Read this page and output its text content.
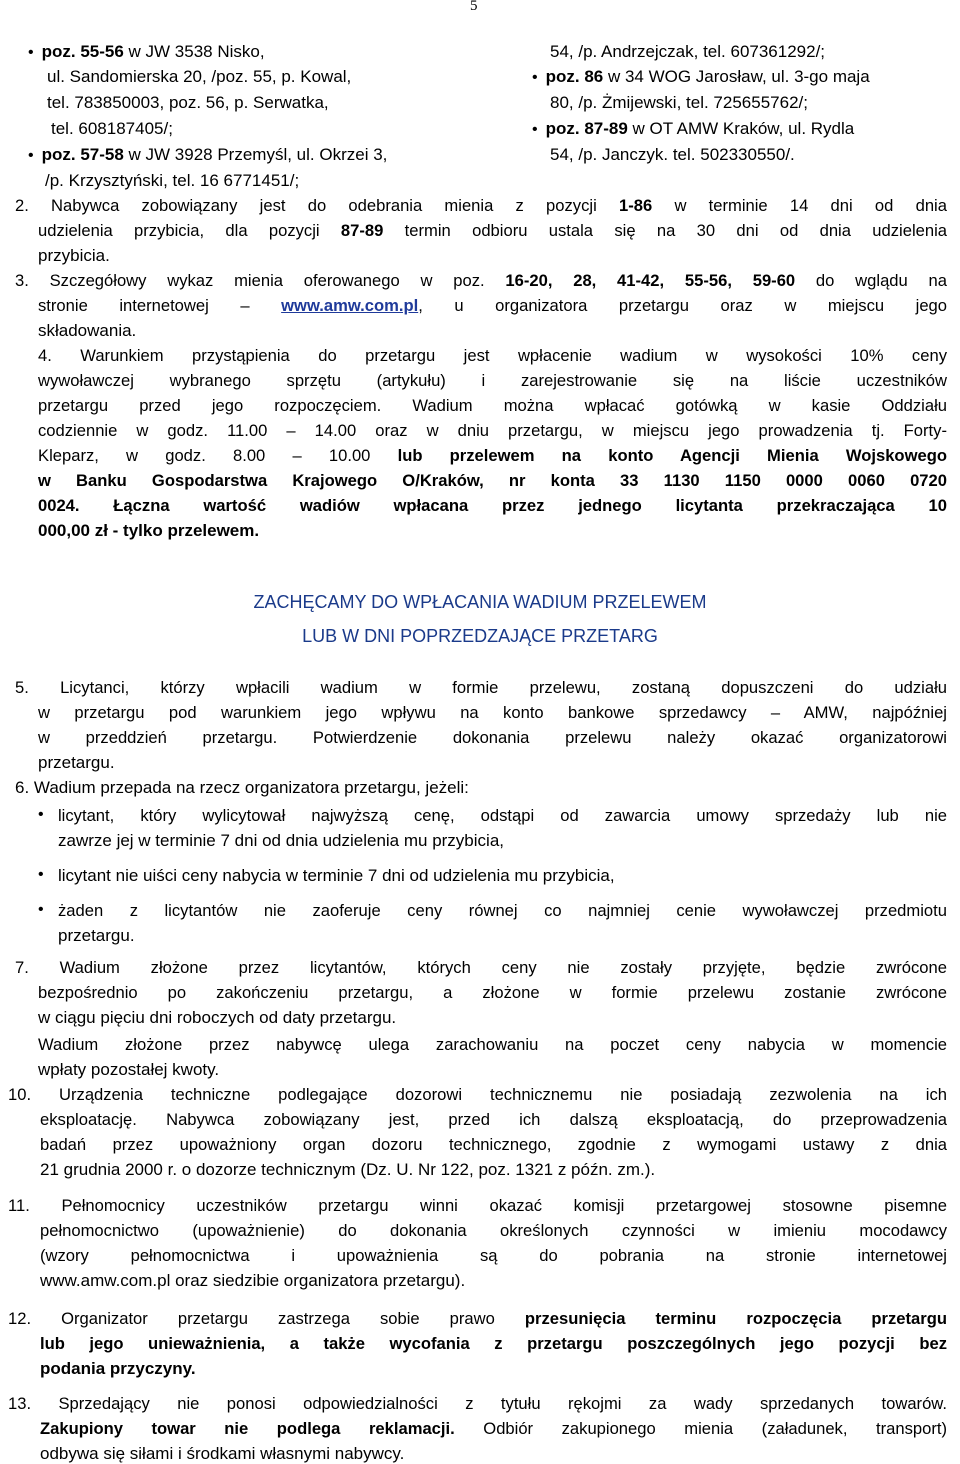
5
• poz. 55-56 w JW 3538 Nisko,
ul. Sandomierska 20, /poz. 55, p. Kowal,
tel. 783850003, poz. 56, p. Serwatka,
tel. 608187405/;
• poz. 57-58 w JW 3928 Przemyśl, ul. Okrzei 3,
/p. Krzysztyński, tel. 16 6771451/;
54, /p. Andrzejczak, tel. 607361292/;
• poz. 86 w 34 WOG Jarosław, ul. 3-go maja
80, /p. Żmijewski, tel. 725655762/;
• poz. 87-89 w OT AMW Kraków, ul. Rydla
54, /p. Janczyk. tel. 502330550/.
2. Nabywca zobowiązany jest do odebrania mienia z pozycji 1-86 w terminie 14 dni od dnia
udzielenia przybicia, dla pozycji 87-89 termin odbioru ustala się na 30 dni od dnia udzielenia
przybicia.
3. Szczegółowy wykaz mienia oferowanego w poz. 16-20, 28, 41-42, 55-56, 59-60 do wglądu na
stronie internetowej – www.amw.com.pl, u organizatora przetargu oraz w miejscu jego
składowania.
4. Warunkiem przystąpienia do przetargu jest wpłacenie wadium w wysokości 10% ceny
wywoławczej wybranego sprzętu (artykułu) i zarejestrowanie się na liście uczestników
przetargu przed jego rozpoczęciem. Wadium można wpłacać gotówką w kasie Oddziału
codziennie w godz. 11.00 – 14.00 oraz w dniu przetargu, w miejscu jego prowadzenia tj. Forty-
Kleparz, w godz. 8.00 – 10.00 lub przelewem na konto Agencji Mienia Wojskowego
w Banku Gospodarstwa Krajowego O/Kraków, nr konta 33 1130 1150 0000 0060 0720
0024. Łączna wartość wadiów wpłacana przez jednego licytanta przekraczająca 10
000,00 zł - tylko przelewem.
ZACHĘCAMY DO WPŁACANIA WADIUM PRZELEWEM
LUB W DNI POPRZEDZAJĄCE PRZETARG
5. Licytanci, którzy wpłacili wadium w formie przelewu, zostaną dopuszczeni do udziału
w przetargu pod warunkiem jego wpływu na konto bankowe sprzedawcy – AMW, najpóźniej
w przeddzień przetargu. Potwierdzenie dokonania przelewu należy okazać organizatorowi
przetargu.
6. Wadium przepada na rzecz organizatora przetargu, jeżeli:
• licytant, który wylicytował najwyższą cenę, odstąpi od zawarcia umowy sprzedaży lub nie
zawrze jej w terminie 7 dni od dnia udzielenia mu przybicia,
• licytant nie uiści ceny nabycia w terminie 7 dni od udzielenia mu przybicia,
• żaden z licytantów nie zaoferuje ceny równej co najmniej cenie wywoławczej przedmiotu
przetargu.
7. Wadium złożone przez licytantów, których ceny nie zostały przyjęte, będzie zwrócone
bezpośrednio po zakończeniu przetargu, a złożone w formie przelewu zostanie zwrócone
w ciągu pięciu dni roboczych od daty przetargu.
Wadium złożone przez nabywcę ulega zarachowaniu na poczet ceny nabycia w momencie
wpłaty pozostałej kwoty.
10. Urządzenia techniczne podlegające dozorowi technicznemu nie posiadają zezwolenia na ich
eksploatację. Nabywca zobowiązany jest, przed ich dalszą eksploatacją, do przeprowadzenia
badań przez upoważniony organ dozoru technicznego, zgodnie z wymogami ustawy z dnia
21 grudnia 2000 r. o dozorze technicznym (Dz. U. Nr 122, poz. 1321 z późn. zm.).
11. Pełnomocnicy uczestników przetargu winni okazać komisji przetargowej stosowne pisemne
pełnomocnictwo (upoważnienie) do dokonania określonych czynności w imieniu mocodawcy
(wzory pełnomocnictwa i upoważnienia są do pobrania na stronie internetowej
www.amw.com.pl oraz siedzibie organizatora przetargu).
12. Organizator przetargu zastrzega sobie prawo przesunięcia terminu rozpoczęcia przetargu
lub jego unieważnienia, a także wycofania z przetargu poszczególnych jego pozycji bez
podania przyczyny.
13. Sprzedający nie ponosi odpowiedzialności z tytułu rękojmi za wady sprzedanych towarów.
Zakupiony towar nie podlega reklamacji. Odbiór zakupionego mienia (załadunek, transport)
odbywa się siłami i środkami własnymi nabywcy.
